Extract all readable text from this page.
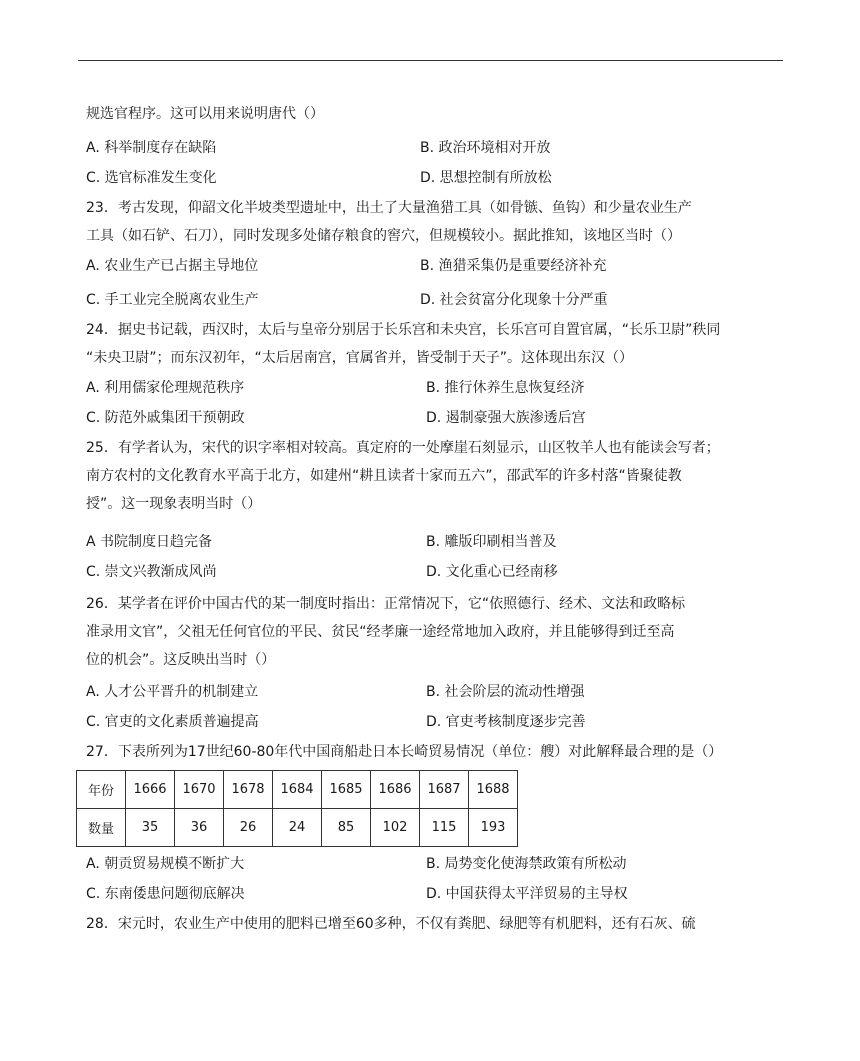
规选官程序。这可以用来说明唐代（）
A. 科举制度存在缺陷	B. 政治环境相对开放
C. 选官标准发生变化	D. 思想控制有所放松
23．考古发现，仰韶文化半坡类型遗址中，出土了大量渔猎工具（如骨镞、鱼钩）和少量农业生产
工具（如石铲、石刀），同时发现多处储存粮食的窖穴，但规模较小。据此推知，该地区当时（）
A. 农业生产已占据主导地位	B. 渔猎采集仍是重要经济补充
C. 手工业完全脱离农业生产	D. 社会贫富分化现象十分严重
24．据史书记载，西汉时，太后与皇帝分别居于长乐宫和未央宫，长乐宫可自置官属，“长乐卫尉”秩同
“未央卫尉”；而东汉初年，“太后居南宫，官属省并，皆受制于天子”。这体现出东汉（）
A. 利用儒家伦理规范秩序	B. 推行休养生息恢复经济
C. 防范外戚集团干预朝政	D. 遏制豪强大族渗透后宫
25．有学者认为，宋代的识字率相对较高。真定府的一处摩崖石刻显示，山区牧羊人也有能读会写者；
南方农村的文化教育水平高于北方，如建州“耕且读者十家而五六”，邵武军的许多村落“皆聚徒教
授”。这一现象表明当时（）
A 书院制度日趋完备	B. 雕版印刷相当普及
C. 崇文兴教渐成风尚	D. 文化重心已经南移
26．某学者在评价中国古代的某一制度时指出：正常情况下，它“依照德行、经术、文法和政略标
准录用文官”，父祖无任何官位的平民、贫民“经孝廉一途经常地加入政府，并且能够得到迁至高
位的机会”。这反映出当时（）
A. 人才公平晋升的机制建立	B. 社会阶层的流动性增强
C. 官吏的文化素质普遍提高	D. 官吏考核制度逐步完善
27．下表所列为17世纪60-80年代中国商船赴日本长崎贸易情况（单位：艘）对此解释最合理的是（）
年份	1666	1670	1678	1684	1685	1686	1687	1688
数量	35	36	26	24	85	102	115	193
A. 朝贡贸易规模不断扩大	B. 局势变化使海禁政策有所松动
C. 东南倭患问题彻底解决	D. 中国获得太平洋贸易的主导权
28．宋元时，农业生产中使用的肥料已增至60多种，不仅有粪肥、绿肥等有机肥料，还有石灰、硫
